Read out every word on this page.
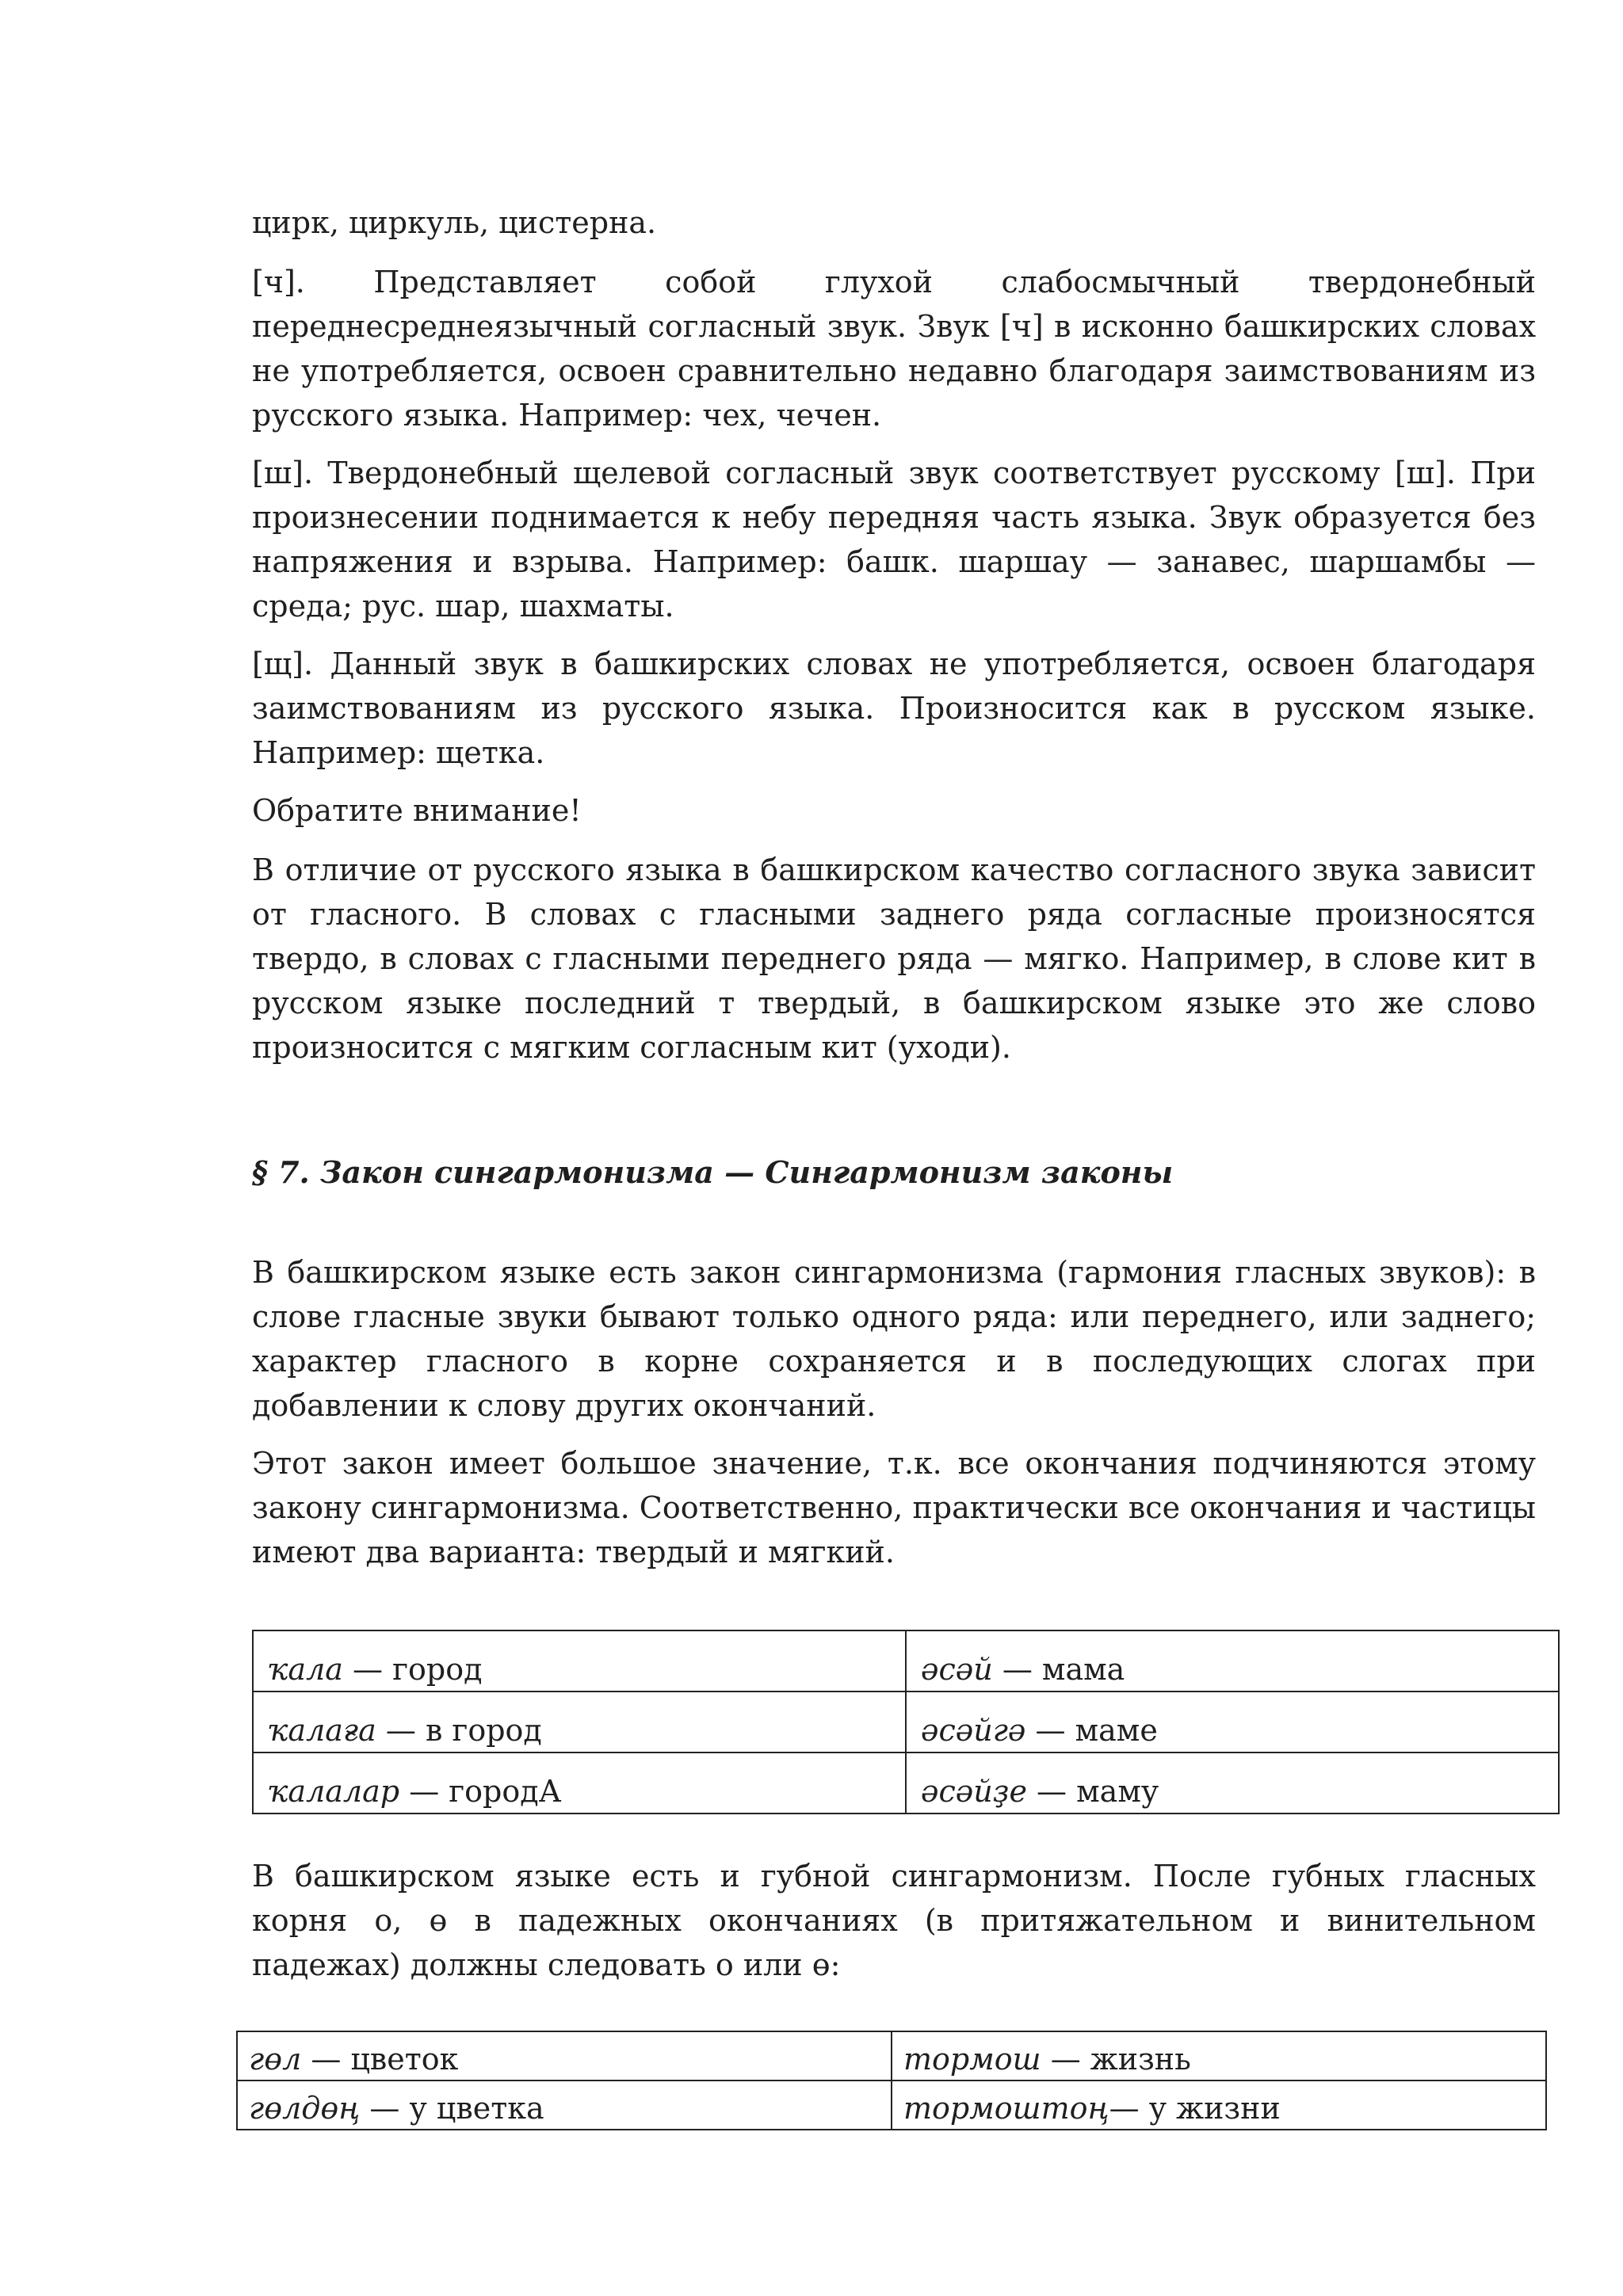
цирк, циркуль, цистерна.

[ч]. Представляет собой глухой слабосмычный твердонебный

переднесреднеязычный согласный звук. Звук [ч] в исконно башкирских словах не употребляется, освоен сравнительно недавно благодаря заимствованиям из русского языка. Например: чех, чечен.

[ш]. Твердонебный щелевой согласный звук соответствует русскому [ш]. При произнесении поднимается к небу передняя часть языка. Звук образуется без напряжения и взрыва. Например: башк. шаршау — занавес, шаршамбы — среда; рус. шар, шахматы.

[щ]. Данный звук в башкирских словах не употребляется, освоен благодаря заимствованиям из русского языка. Произносится как в русском языке. Например: щетка.

Обратите внимание!

В отличие от русского языка в башкирском качество согласного звука зависит от гласного. В словах с гласными заднего ряда согласные произносятся твердо, в словах с гласными переднего ряда — мягко. Например, в слове кит в русском языке последний т твердый, в башкирском языке это же слово произносится с мягким согласным кит (уходи).

§ 7. Закон сингармонизма — Сингармонизм законы

В башкирском языке есть закон сингармонизма (гармония гласных звуков): в слове гласные звуки бывают только одного ряда: или переднего, или заднего; характер гласного в корне сохраняется и в последующих слогах при добавлении к слову других окончаний.

Этот закон имеет большое значение, т.к. все окончания подчиняются этому закону сингармонизма. Соответственно, практически все окончания и частицы имеют два варианта: твердый и мягкий.

ҡала — город	әсәй — мама
ҡалаға — в город	әсәйгә — маме
ҡалалар — городА	әсәйҙе — маму

В башкирском языке есть и губной сингармонизм. После губных гласных корня о, ө в падежных окончаниях (в притяжательном и винительном падежах) должны следовать о или ө:

гөл — цветок	тормош — жизнь
гөлдөң — у цветка	тормоштоң— у жизни
